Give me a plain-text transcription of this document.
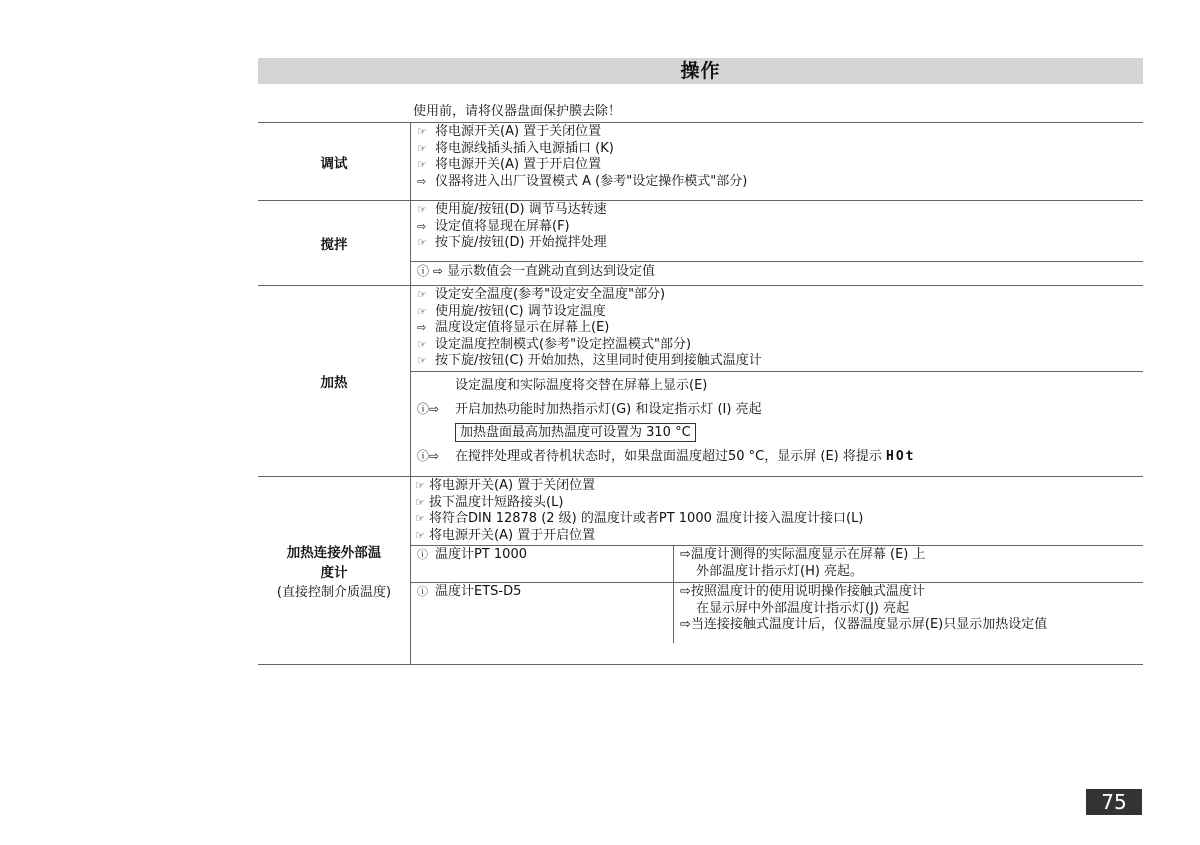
操作
使用前，请将仪器盘面保护膜去除！
调试
☞ 将电源开关(A) 置于关闭位置
☞ 将电源线插头插入电源插口 (K)
☞ 将电源开关(A) 置于开启位置
⇨ 仪器将进入出厂设置模式 A (参考"设定操作模式"部分)
搅拌
☞ 使用旋/按钮(D) 调节马达转速
⇨ 设定值将显现在屏幕(F)
☞ 按下旋/按钮(D) 开始搅拌处理
ⓘ ⇨ 显示数值会一直跳动直到达到设定值
加热
☞ 设定安全温度(参考"设定安全温度"部分)
☞ 使用旋/按钮(C) 调节设定温度
⇨ 温度设定值将显示在屏幕上(E)
☞ 设定温度控制模式(参考"设定控温模式"部分)
☞ 按下旋/按钮(C) 开始加热，这里同时使用到接触式温度计
设定温度和实际温度将交替在屏幕上显示(E)
ⓘ⇨ 开启加热功能时加热指示灯(G) 和设定指示灯 (I) 亮起
加热盘面最高加热温度可设置为 310 °C
ⓘ⇨ 在搅拌处理或者待机状态时，如果盘面温度超过50 °C，显示屏 (E) 将提示 HOt
加热连接外部温
度计
(直接控制介质温度)
☞ 将电源开关(A) 置于关闭位置
☞ 拔下温度计短路接头(L)
☞ 将符合DIN 12878 (2 级) 的温度计或者PT 1000 温度计接入温度计接口(L)
☞ 将电源开关(A) 置于开启位置
ⓘ 温度计PT 1000	⇨温度计测得的实际温度显示在屏幕 (E) 上
外部温度计指示灯(H) 亮起。
ⓘ 温度计ETS-D5	⇨按照温度计的使用说明操作接触式温度计
在显示屏中外部温度计指示灯(J) 亮起
⇨当连接接触式温度计后，仪器温度显示屏(E)只显示加热设定值
75
